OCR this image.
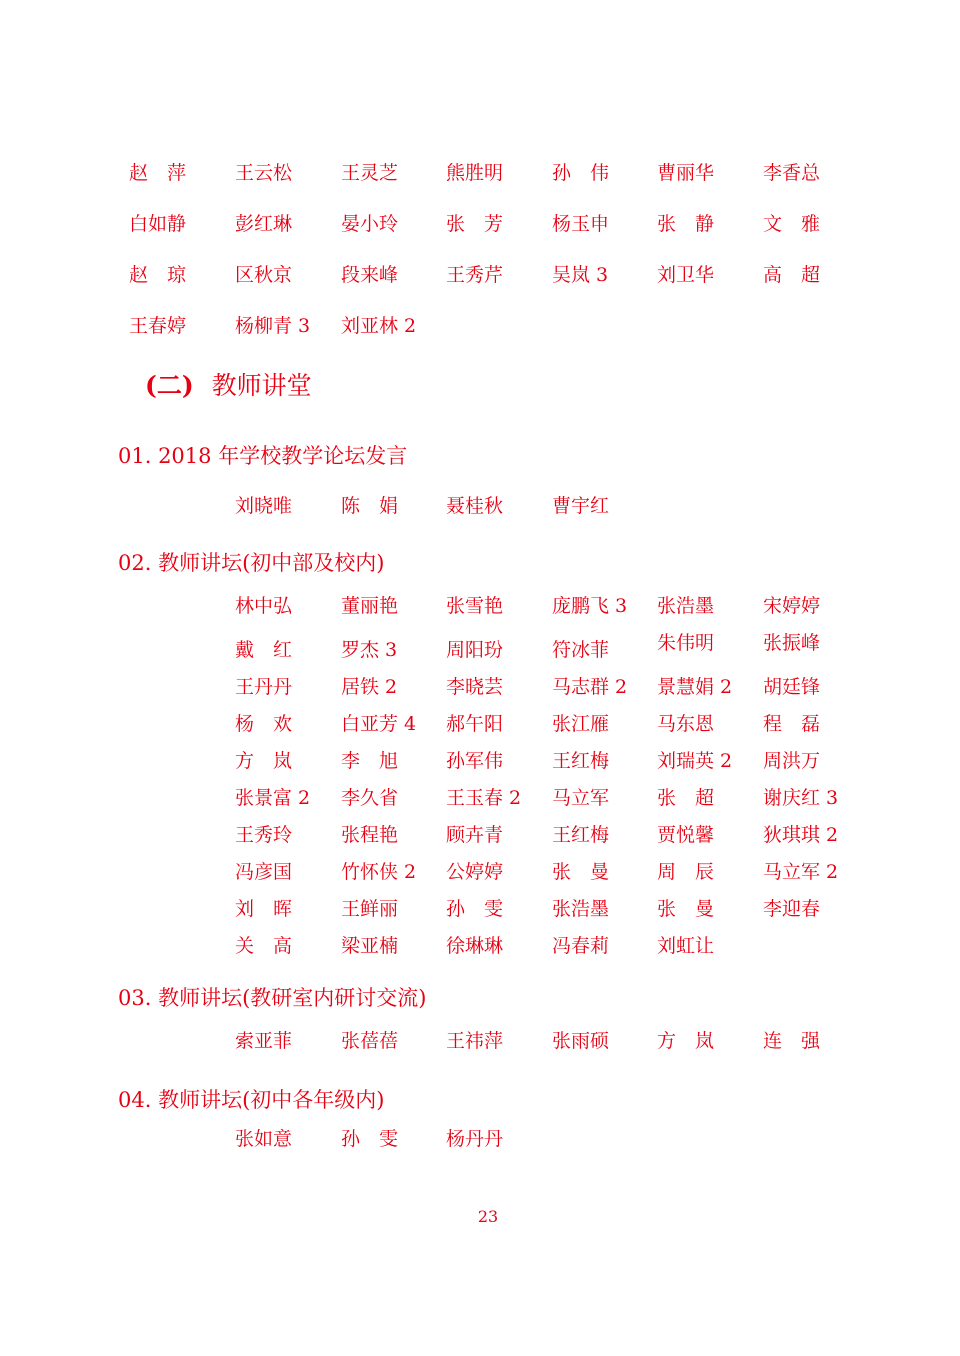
赵　萍	王云松	王灵芝	熊胜明	孙　伟	曹丽华	李香总
白如静	彭红琳	晏小玲	张　芳	杨玉申	张　静	文　雅
赵　琼	区秋京	段来峰	王秀芹	吴岚 3	刘卫华	高　超
王春婷	杨柳青 3	刘亚林 2
(二) 教师讲堂
01. 2018 年学校教学论坛发言
刘晓唯	陈　娟	聂桂秋	曹宇红
02. 教师讲坛(初中部及校内)
林中弘	董丽艳	张雪艳	庞鹏飞 3	张浩墨	宋婷婷
戴　红	罗杰 3	周阳玢	符冰菲	朱伟明	张振峰
王丹丹	居铁 2	李晓芸	马志群 2	景慧娟 2	胡廷锋
杨　欢	白亚芳 4	郝午阳	张江雁	马东恩	程　磊
方　岚	李　旭	孙军伟	王红梅	刘瑞英 2	周洪万
张景富 2	李久省	王玉春 2	马立军	张　超	谢庆红 3
王秀玲	张程艳	顾卉青	王红梅	贾悦馨	狄琪琪 2
冯彦国	竹怀侠 2	公婷婷	张　曼	周　辰	马立军 2
刘　晖	王鲜丽	孙　雯	张浩墨	张　曼	李迎春
关　高	梁亚楠	徐琳琳	冯春莉	刘虹让
03. 教师讲坛(教研室内研讨交流)
索亚菲	张蓓蓓	王祎萍	张雨硕	方　岚	连　强
04. 教师讲坛(初中各年级内)
张如意	孙　雯	杨丹丹
23
